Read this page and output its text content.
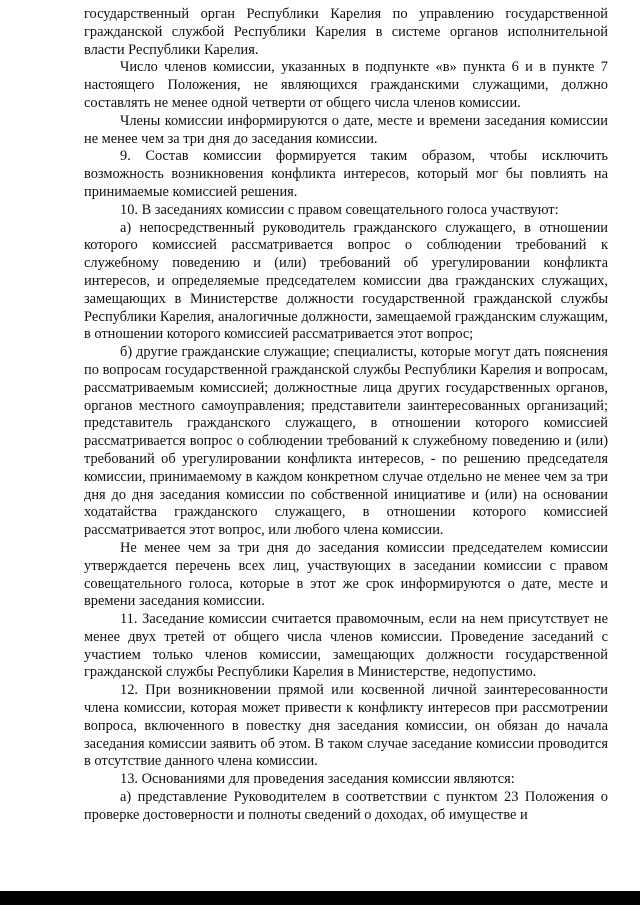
государственный орган Республики Карелия по управлению государственной гражданской службой Республики Карелия в системе органов исполнительной власти Республики Карелия.

Число членов комиссии, указанных в подпункте «в» пункта 6 и в пункте 7 настоящего Положения, не являющихся гражданскими служащими, должно составлять не менее одной четверти от общего числа членов комиссии.

Члены комиссии информируются о дате, месте и времени заседания комиссии не менее чем за три дня до заседания комиссии.

9. Состав комиссии формируется таким образом, чтобы исключить возможность возникновения конфликта интересов, который мог бы повлиять на принимаемые комиссией решения.

10. В заседаниях комиссии с правом совещательного голоса участвуют:

а) непосредственный руководитель гражданского служащего, в отношении которого комиссией рассматривается вопрос о соблюдении требований к служебному поведению и (или) требований об урегулировании конфликта интересов, и определяемые председателем комиссии два гражданских служащих, замещающих в Министерстве должности государственной гражданской службы Республики Карелия, аналогичные должности, замещаемой гражданским служащим, в отношении которого комиссией рассматривается этот вопрос;

б) другие гражданские служащие; специалисты, которые могут дать пояснения по вопросам государственной гражданской службы Республики Карелия и вопросам, рассматриваемым комиссией; должностные лица других государственных органов, органов местного самоуправления; представители заинтересованных организаций; представитель гражданского служащего, в отношении которого комиссией рассматривается вопрос о соблюдении требований к служебному поведению и (или) требований об урегулировании конфликта интересов, - по решению председателя комиссии, принимаемому в каждом конкретном случае отдельно не менее чем за три дня до дня заседания комиссии по собственной инициативе и (или) на основании ходатайства гражданского служащего, в отношении которого комиссией рассматривается этот вопрос, или любого члена комиссии.

Не менее чем за три дня до заседания комиссии председателем комиссии утверждается перечень всех лиц, участвующих в заседании комиссии с правом совещательного голоса, которые в этот же срок информируются о дате, месте и времени заседания комиссии.

11. Заседание комиссии считается правомочным, если на нем присутствует не менее двух третей от общего числа членов комиссии. Проведение заседаний с участием только членов комиссии, замещающих должности государственной гражданской службы Республики Карелия в Министерстве, недопустимо.

12. При возникновении прямой или косвенной личной заинтересованности члена комиссии, которая может привести к конфликту интересов при рассмотрении вопроса, включенного в повестку дня заседания комиссии, он обязан до начала заседания комиссии заявить об этом. В таком случае заседание комиссии проводится в отсутствие данного члена комиссии.

13. Основаниями для проведения заседания комиссии являются:

а) представление Руководителем в соответствии с пунктом 23 Положения о проверке достоверности и полноты сведений о доходах, об имуществе и
